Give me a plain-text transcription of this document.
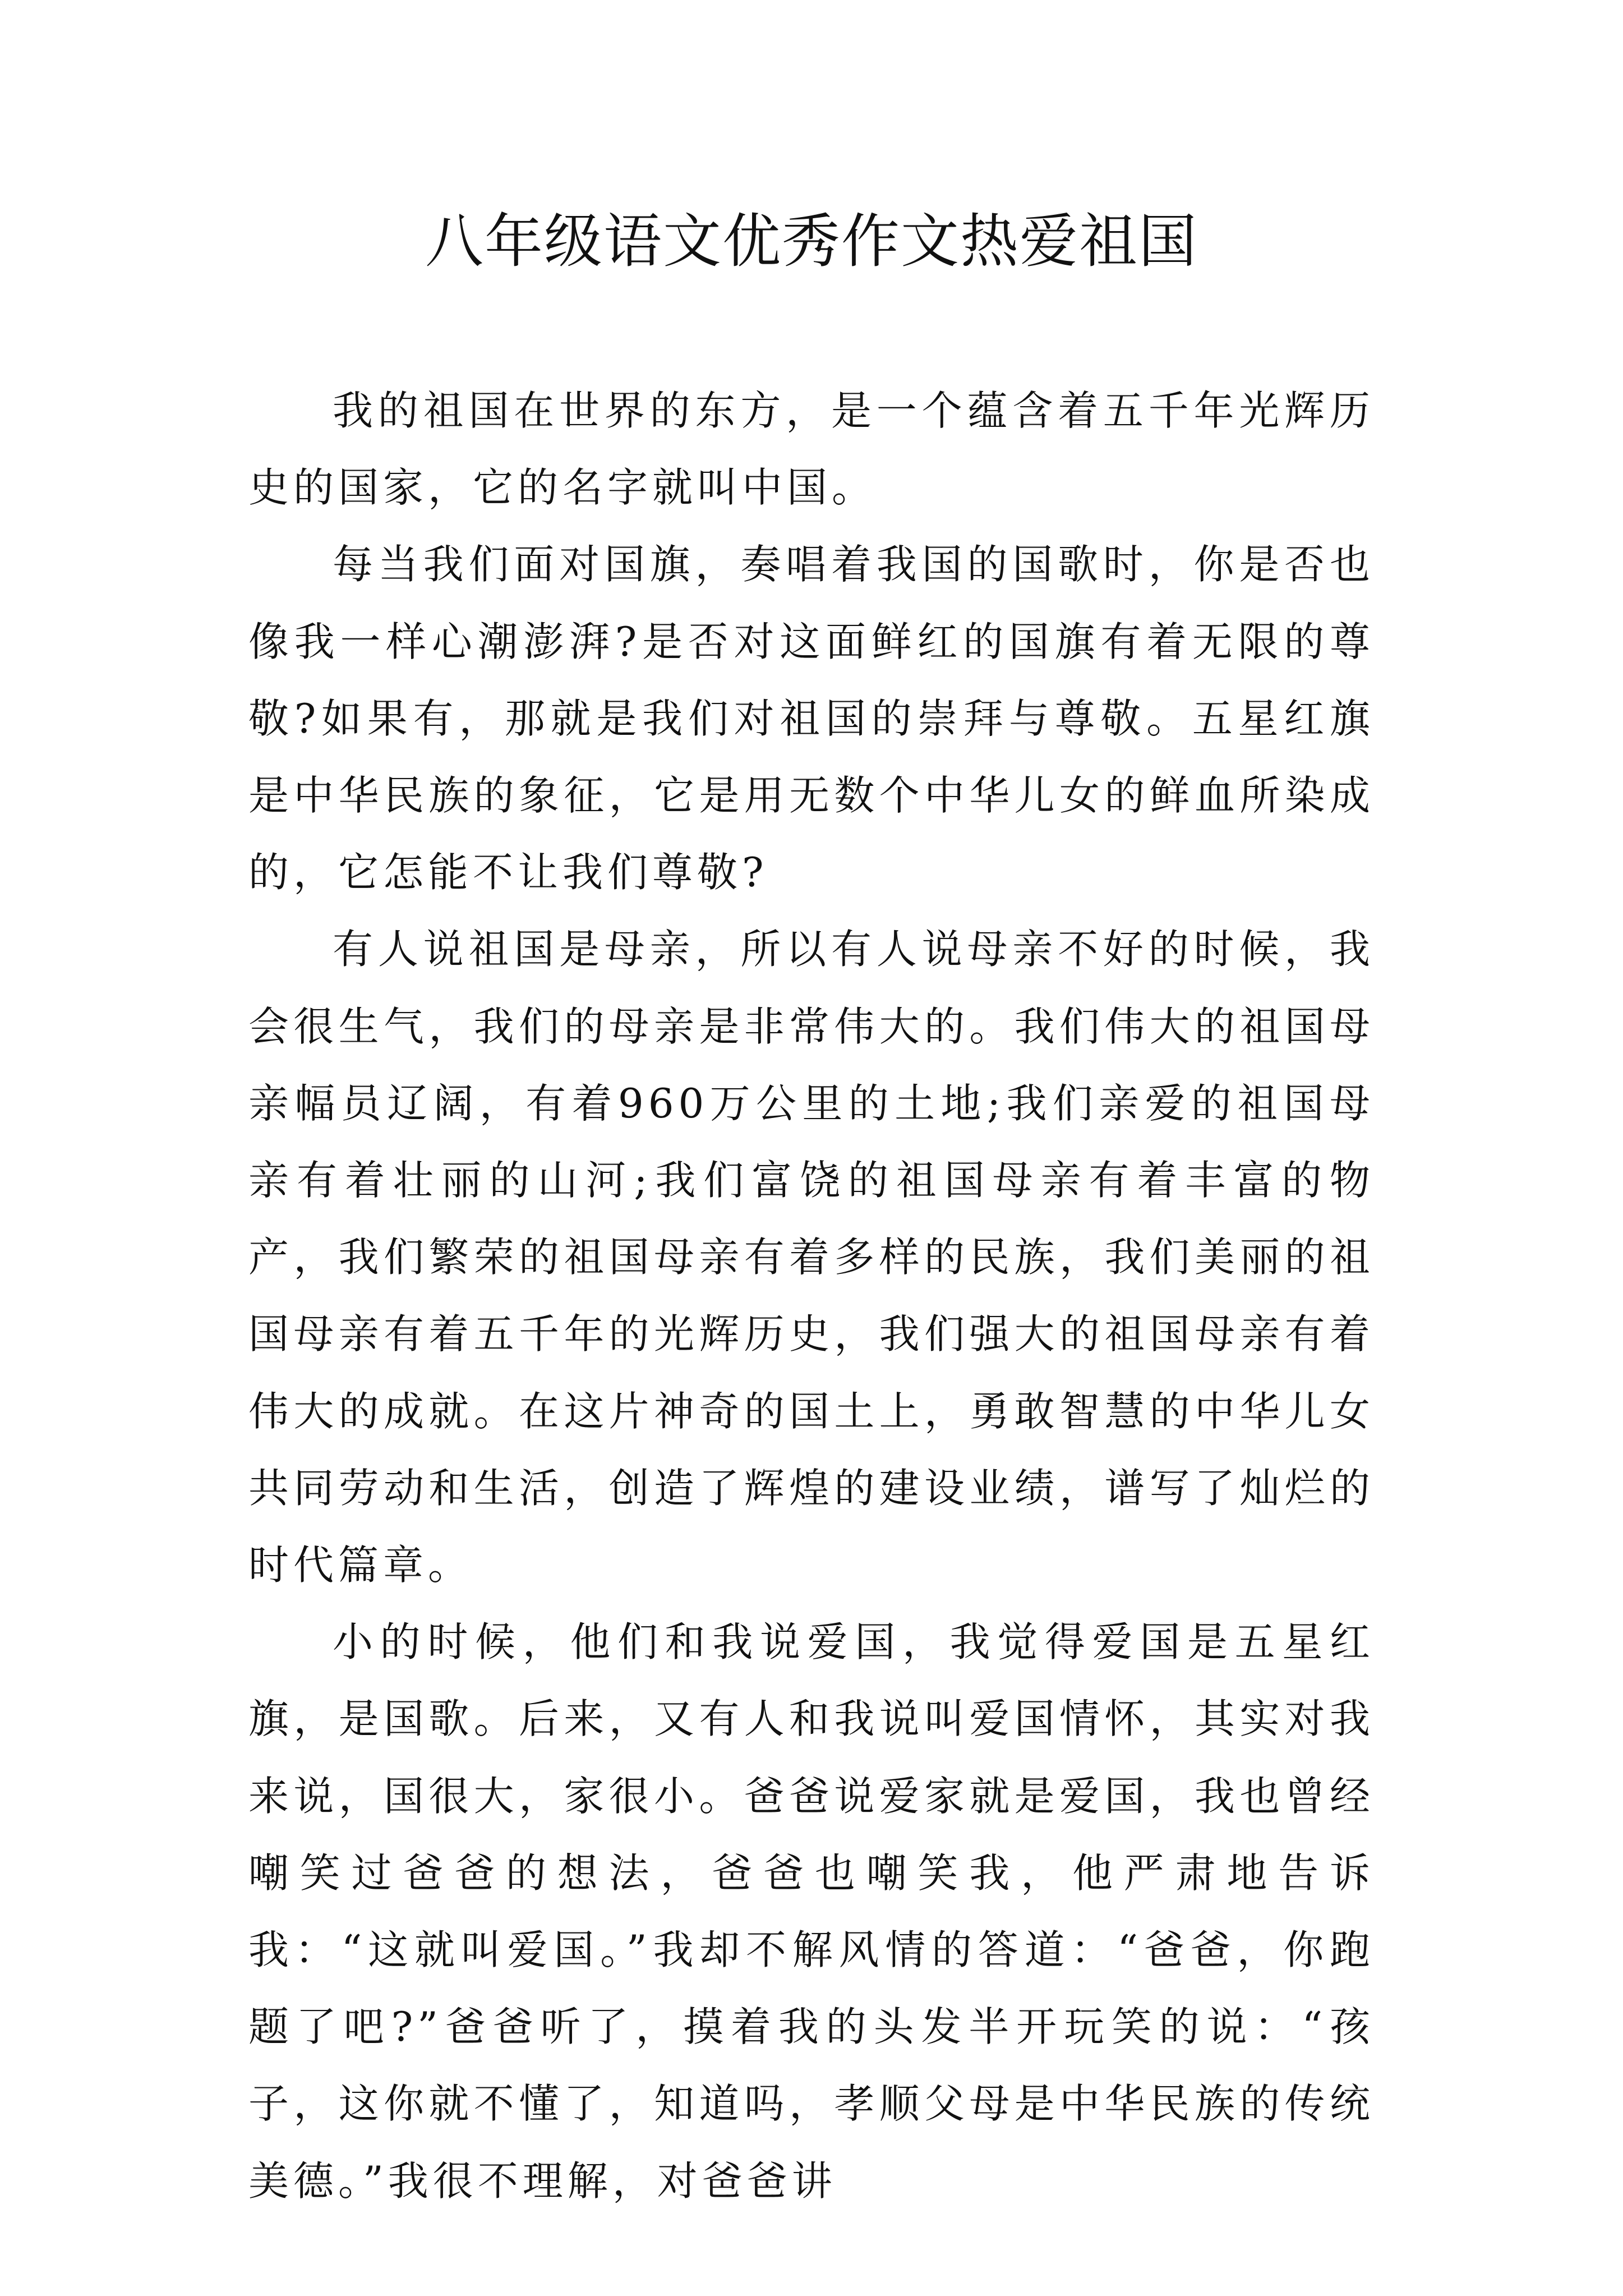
八年级语文优秀作文热爱祖国

我的祖国在世界的东方，是一个蕴含着五千年光辉历史的国家，它的名字就叫中国。

每当我们面对国旗，奏唱着我国的国歌时，你是否也像我一样心潮澎湃?是否对这面鲜红的国旗有着无限的尊敬?如果有，那就是我们对祖国的崇拜与尊敬。五星红旗是中华民族的象征，它是用无数个中华儿女的鲜血所染成的，它怎能不让我们尊敬?

有人说祖国是母亲，所以有人说母亲不好的时候，我会很生气，我们的母亲是非常伟大的。我们伟大的祖国母亲幅员辽阔，有着960万公里的土地;我们亲爱的祖国母亲有着壮丽的山河;我们富饶的祖国母亲有着丰富的物产，我们繁荣的祖国母亲有着多样的民族，我们美丽的祖国母亲有着五千年的光辉历史，我们强大的祖国母亲有着伟大的成就。在这片神奇的国土上，勇敢智慧的中华儿女共同劳动和生活，创造了辉煌的建设业绩，谱写了灿烂的时代篇章。

小的时候，他们和我说爱国，我觉得爱国是五星红旗，是国歌。后来，又有人和我说叫爱国情怀，其实对我来说，国很大，家很小。爸爸说爱家就是爱国，我也曾经嘲笑过爸爸的想法，爸爸也嘲笑我，他严肃地告诉我：“这就叫爱国。”我却不解风情的答道：“爸爸，你跑题了吧?”爸爸听了，摸着我的头发半开玩笑的说：“孩子，这你就不懂了，知道吗，孝顺父母是中华民族的传统美德。”我很不理解，对爸爸讲
